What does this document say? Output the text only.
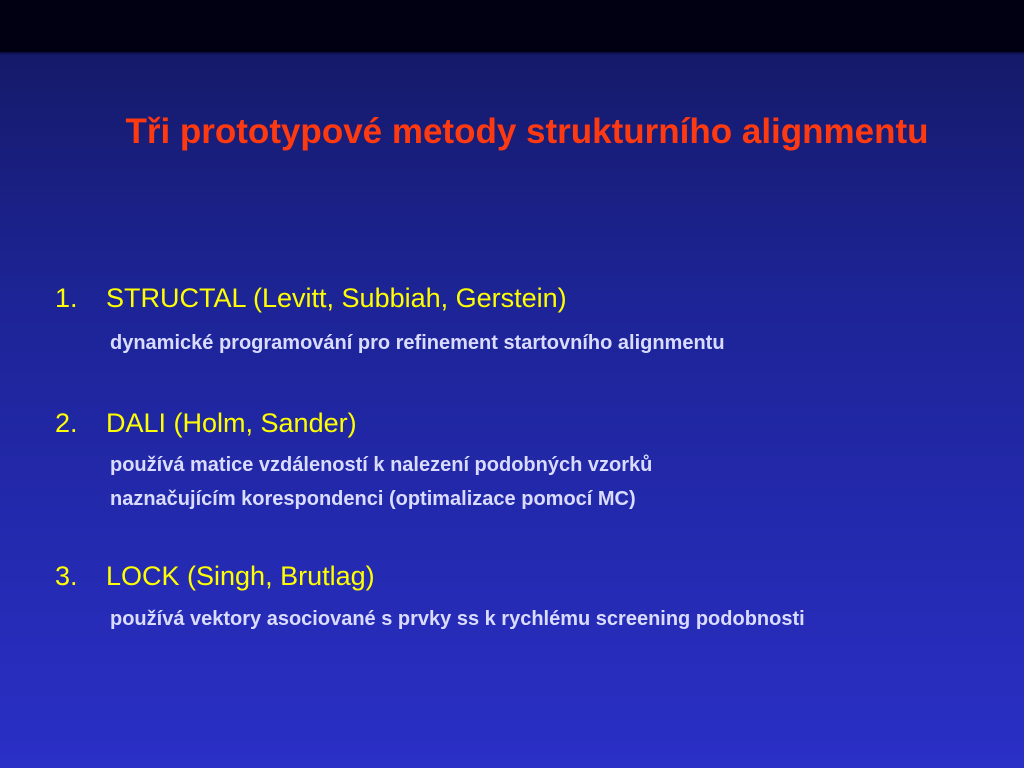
Tři prototypové metody strukturního alignmentu
1. STRUCTAL (Levitt, Subbiah, Gerstein)
dynamické programování pro refinement startovního alignmentu
2. DALI (Holm, Sander)
používá matice vzdáleností k nalezení podobných vzorků
naznačujícím korespondenci (optimalizace pomocí MC)
3. LOCK (Singh, Brutlag)
používá vektory asociované s prvky ss k rychlému screening podobnosti
